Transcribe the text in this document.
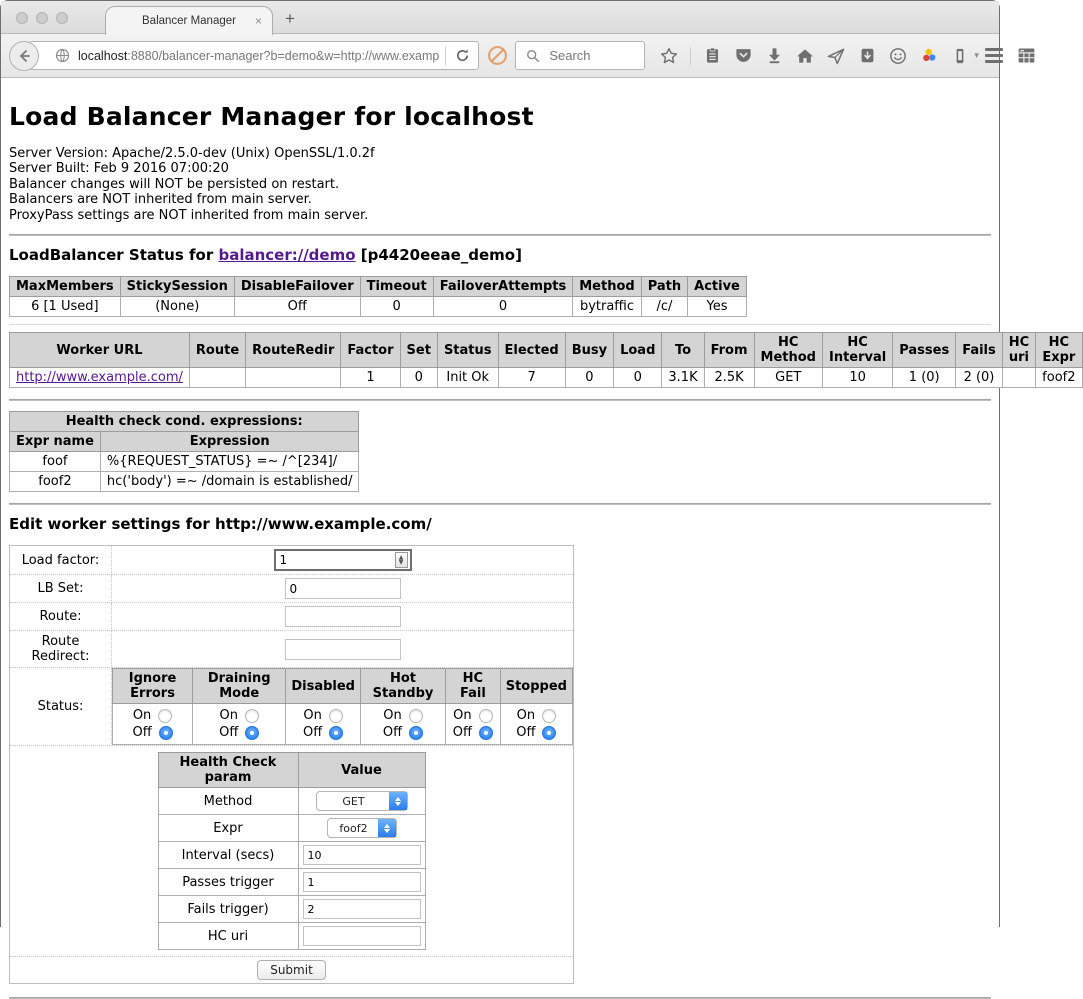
Balancer Manager × +
localhost:8880/balancer-manager?b=demo&w=http://www.examp	Search	▾
Load Balancer Manager for localhost
Server Version: Apache/2.5.0-dev (Unix) OpenSSL/1.0.2f
Server Built: Feb 9 2016 07:00:20
Balancer changes will NOT be persisted on restart.
Balancers are NOT inherited from main server.
ProxyPass settings are NOT inherited from main server.
LoadBalancer Status for balancer://demo [p4420eeae_demo]
MaxMembers	StickySession	DisableFailover	Timeout	FailoverAttempts	Method	Path	Active
6 [1 Used]	(None)	Off	0	0	bytraffic	/c/	Yes
Worker URL	Route	RouteRedir	Factor	Set	Status	Elected	Busy	Load	To	From	HC Method	HC Interval	Passes	Fails	HC uri	HC Expr
http://www.example.com/			1	0	Init Ok	7	0	0	3.1K	2.5K	GET	10	1 (0)	2 (0)		foof2
Health check cond. expressions:	
Expr name	Expression
foof	%{REQUEST_STATUS} =~ /^[234]/
foof2	hc('body') =~ /domain is established/
Edit worker settings for http://www.example.com/
Load factor:	
1▲
▼

LB Set:	0
Route:	
Route Redirect:	
Status:	
Ignore Errors	Draining Mode	Disabled	Hot Standby	HC Fail	Stopped

On
Off

On
Off

On
Off

On
Off

On
Off

On
Off

Health Check param	Value
Method	GET

Expr	foof2

Interval (secs)	10
Passes trigger	1
Fails trigger)	2
HC uri	

Submit
